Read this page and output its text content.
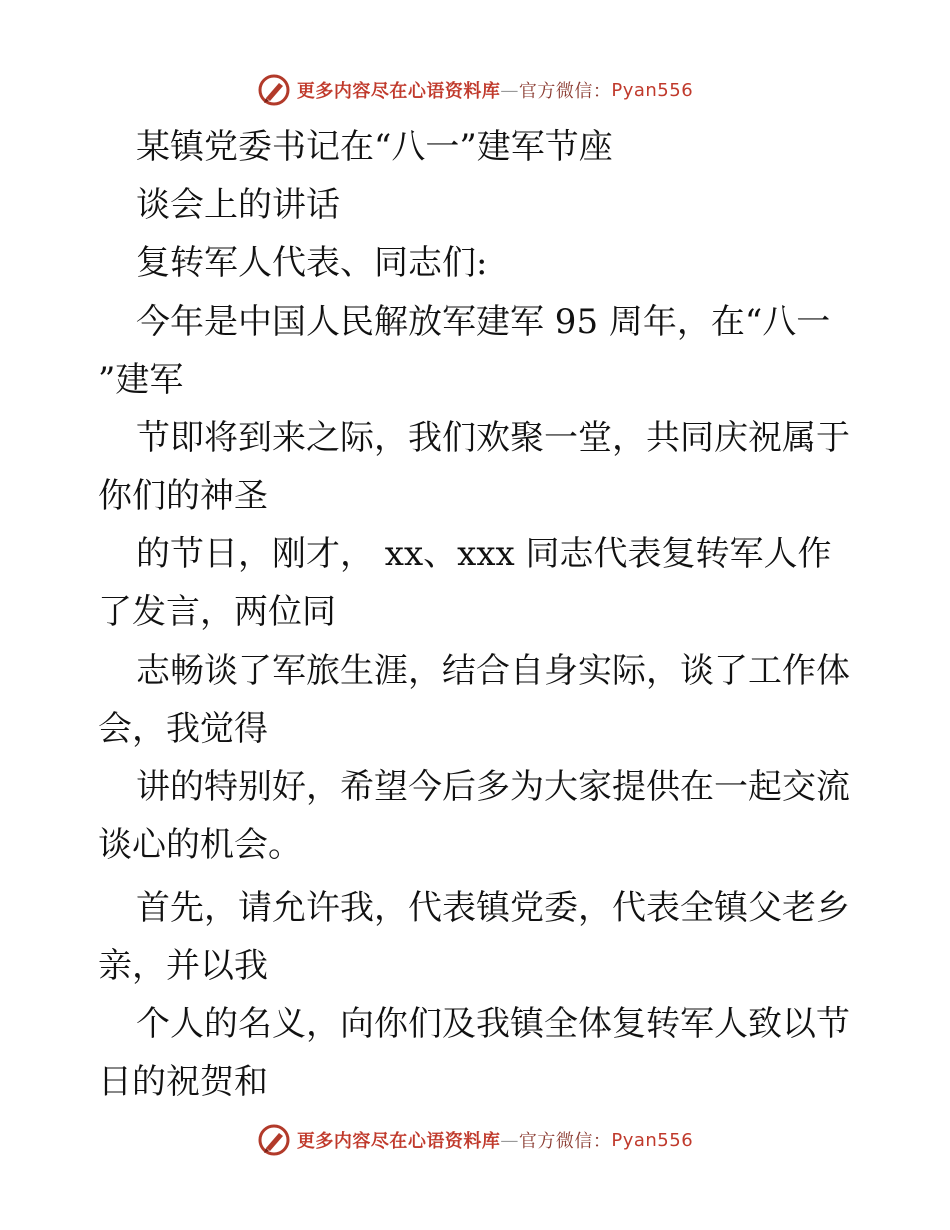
更多内容尽在心语资料库 — 官方微信： Pyan556
某镇党委书记在“八一”建军节座
谈会上的讲话
复转军人代表、同志们:
今年是中国人民解放军建军 95 周年，在“八一
”建军
节即将到来之际，我们欢聚一堂，共同庆祝属于
你们的神圣
的节日，刚才， xx、xxx 同志代表复转军人作
了发言，两位同
志畅谈了军旅生涯，结合自身实际，谈了工作体
会，我觉得
讲的特别好，希望今后多为大家提供在一起交流
谈心的机会。
首先，请允许我，代表镇党委，代表全镇父老乡
亲，并以我
个人的名义，向你们及我镇全体复转军人致以节
日的祝贺和
更多内容尽在心语资料库 — 官方微信： Pyan556
